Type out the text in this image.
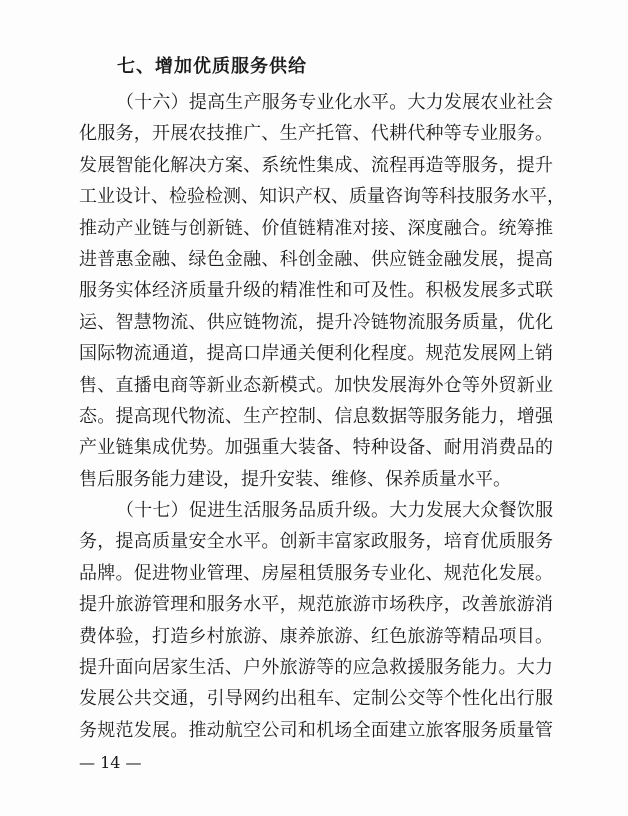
七、增加优质服务供给
（十六）提高生产服务专业化水平。大力发展农业社会
化服务，开展农技推广、生产托管、代耕代种等专业服务。
发展智能化解决方案、系统性集成、流程再造等服务，提升
工业设计、检验检测、知识产权、质量咨询等科技服务水平，
推动产业链与创新链、价值链精准对接、深度融合。统筹推
进普惠金融、绿色金融、科创金融、供应链金融发展，提高
服务实体经济质量升级的精准性和可及性。积极发展多式联
运、智慧物流、供应链物流，提升冷链物流服务质量，优化
国际物流通道，提高口岸通关便利化程度。规范发展网上销
售、直播电商等新业态新模式。加快发展海外仓等外贸新业
态。提高现代物流、生产控制、信息数据等服务能力，增强
产业链集成优势。加强重大装备、特种设备、耐用消费品的
售后服务能力建设，提升安装、维修、保养质量水平。
（十七）促进生活服务品质升级。大力发展大众餐饮服
务，提高质量安全水平。创新丰富家政服务，培育优质服务
品牌。促进物业管理、房屋租赁服务专业化、规范化发展。
提升旅游管理和服务水平，规范旅游市场秩序，改善旅游消
费体验，打造乡村旅游、康养旅游、红色旅游等精品项目。
提升面向居家生活、户外旅游等的应急救援服务能力。大力
发展公共交通，引导网约出租车、定制公交等个性化出行服
务规范发展。推动航空公司和机场全面建立旅客服务质量管
— 14 —
